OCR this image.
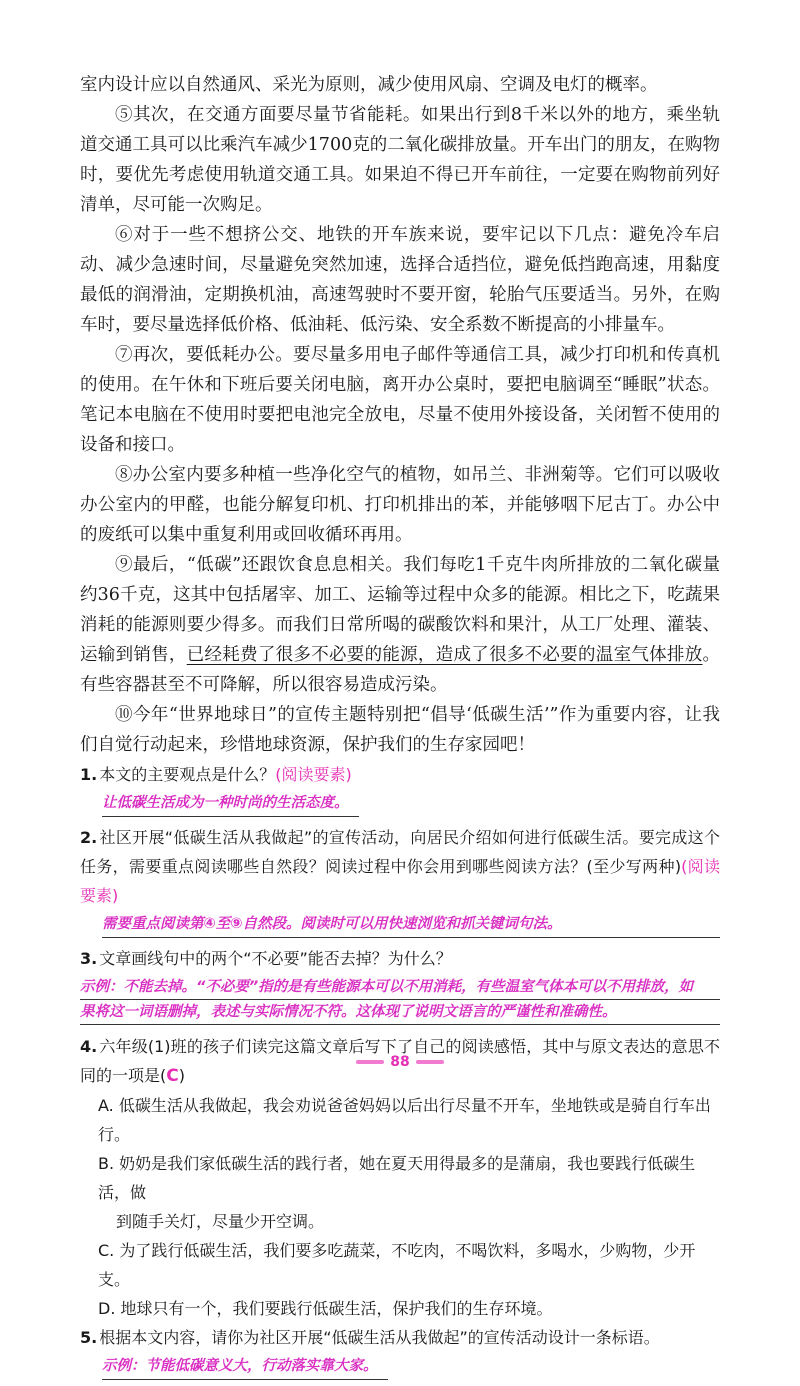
室内设计应以自然通风、采光为原则，减少使用风扇、空调及电灯的概率。

⑤其次，在交通方面要尽量节省能耗。如果出行到8千米以外的地方，乘坐轨道交通工具可以比乘汽车减少1700克的二氧化碳排放量。开车出门的朋友，在购物时，要优先考虑使用轨道交通工具。如果迫不得已开车前往，一定要在购物前列好清单，尽可能一次购足。

⑥对于一些不想挤公交、地铁的开车族来说，要牢记以下几点：避免冷车启动、减少急速时间，尽量避免突然加速，选择合适挡位，避免低挡跑高速，用黏度最低的润滑油，定期换机油，高速驾驶时不要开窗，轮胎气压要适当。另外，在购车时，要尽量选择低价格、低油耗、低污染、安全系数不断提高的小排量车。

⑦再次，要低耗办公。要尽量多用电子邮件等通信工具，减少打印机和传真机的使用。在午休和下班后要关闭电脑，离开办公桌时，要把电脑调至“睡眠”状态。笔记本电脑在不使用时要把电池完全放电，尽量不使用外接设备，关闭暂不使用的设备和接口。

⑧办公室内要多种植一些净化空气的植物，如吊兰、非洲菊等。它们可以吸收办公室内的甲醛，也能分解复印机、打印机排出的苯，并能够咽下尼古丁。办公中的废纸可以集中重复利用或回收循环再用。

⑨最后，“低碳”还跟饮食息息相关。我们每吃1千克牛肉所排放的二氧化碳量约36千克，这其中包括屠宰、加工、运输等过程中众多的能源。相比之下，吃蔬果消耗的能源则要少得多。而我们日常所喝的碳酸饮料和果汁，从工厂处理、灌装、运输到销售，已经耗费了很多不必要的能源，造成了很多不必要的温室气体排放。有些容器甚至不可降解，所以很容易造成污染。

⑩今年“世界地球日”的宣传主题特别把“倡导‘低碳生活’”作为重要内容，让我们自觉行动起来，珍惜地球资源，保护我们的生存家园吧！

1. 本文的主要观点是什么？(阅读要素)

让低碳生活成为一种时尚的生活态度。

2. 社区开展“低碳生活从我做起”的宣传活动，向居民介绍如何进行低碳生活。要完成这个任务，需要重点阅读哪些自然段？阅读过程中你会用到哪些阅读方法？(至少写两种)(阅读要素)

需要重点阅读第④至⑨自然段。阅读时可以用快速浏览和抓关键词句法。

3. 文章画线句中的两个“不必要”能否去掉？为什么？

示例：不能去掉。“不必要”指的是有些能源本可以不用消耗，有些温室气体本可以不用排放，如
果将这一词语删掉，表述与实际情况不符。这体现了说明文语言的严谨性和准确性。

4. 六年级(1)班的孩子们读完这篇文章后写下了自己的阅读感悟，其中与原文表达的意思不同的一项是(C)

A. 低碳生活从我做起，我会劝说爸爸妈妈以后出行尽量不开车，坐地铁或是骑自行车出行。

B. 奶奶是我们家低碳生活的践行者，她在夏天用得最多的是蒲扇，我也要践行低碳生活，做
到随手关灯，尽量少开空调。

C. 为了践行低碳生活，我们要多吃蔬菜，不吃肉，不喝饮料，多喝水，少购物，少开支。

D. 地球只有一个，我们要践行低碳生活，保护我们的生存环境。

5. 根据本文内容，请你为社区开展“低碳生活从我做起”的宣传活动设计一条标语。

示例：节能低碳意义大，行动落实靠大家。
88
